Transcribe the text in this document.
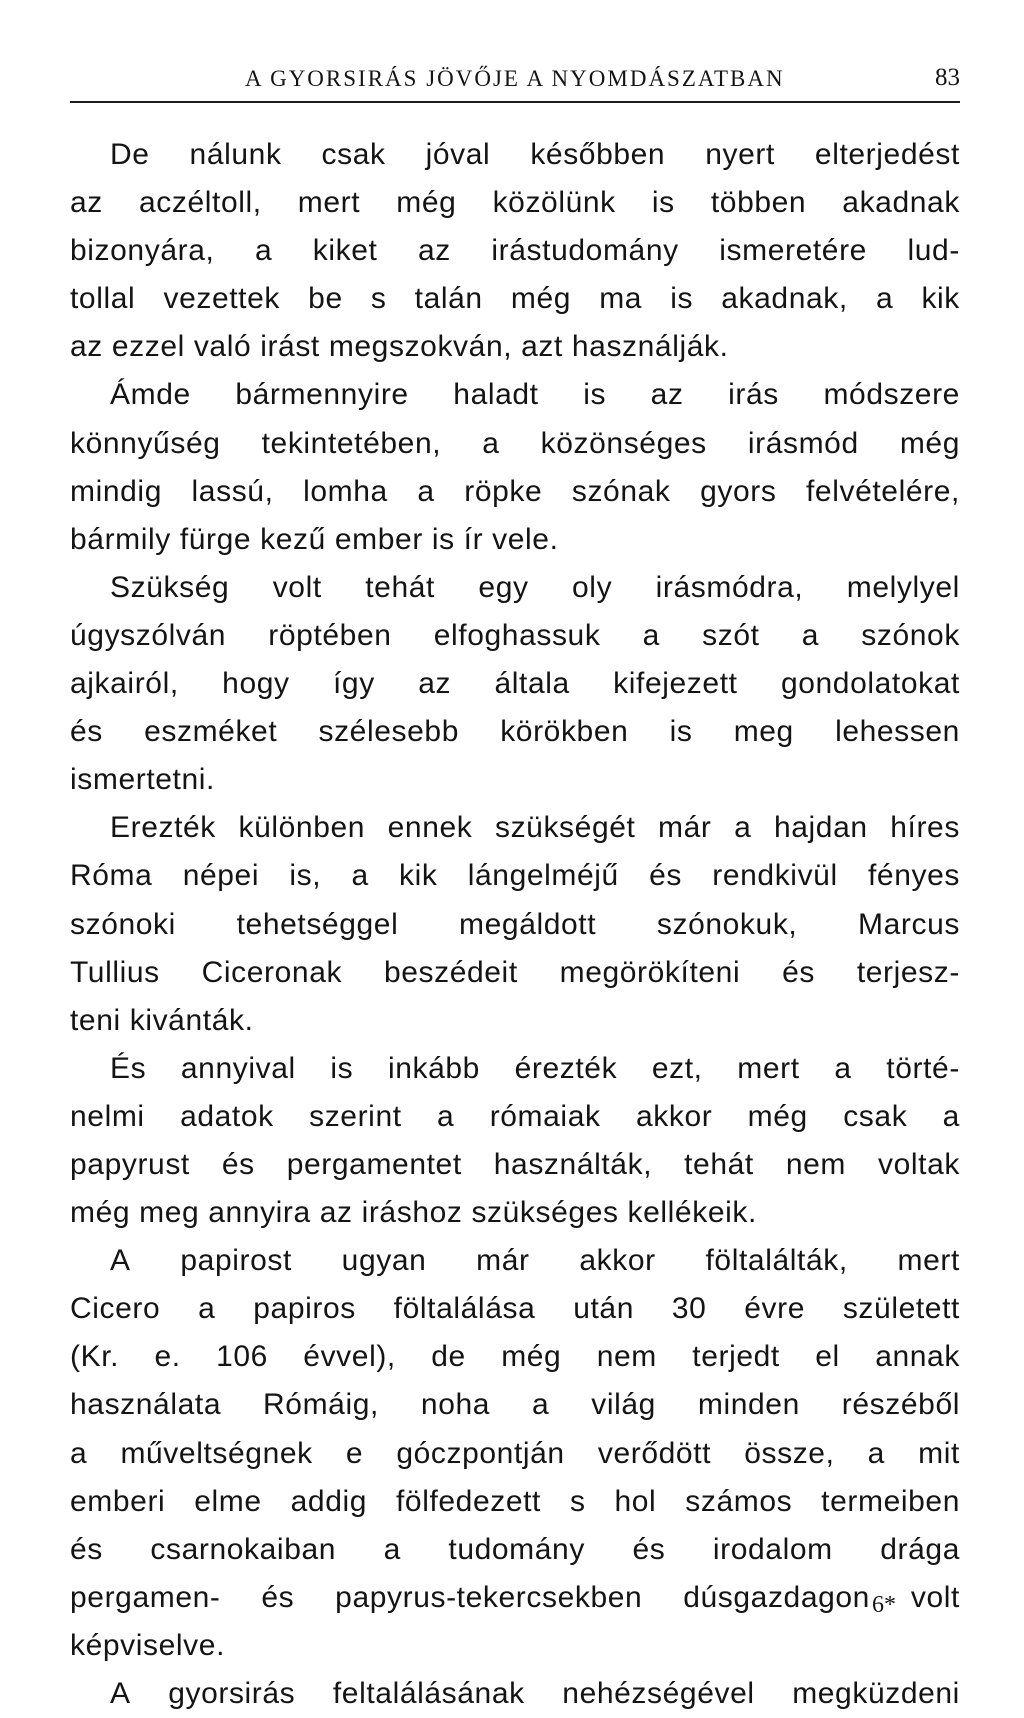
A GYORSIRÁS JÖVŐJE A NYOMDÁSZATBAN	83
De nálunk csak jóval későbben nyert elterjedést
az aczéltoll, mert még közölünk is többen akadnak
bizonyára, a kiket az irástudomány ismeretére lud-
tollal vezettek be s talán még ma is akadnak, a kik
az ezzel való irást megszokván, azt használják.
Ámde bármennyire haladt is az irás módszere
könnyűség tekintetében, a közönséges irásmód még
mindig lassú, lomha a röpke szónak gyors felvételére,
bármily fürge kezű ember is ír vele.
Szükség volt tehát egy oly irásmódra, melylyel
úgyszólván röptében elfoghassuk a szót a szónok
ajkairól, hogy így az általa kifejezett gondolatokat
és eszméket szélesebb körökben is meg lehessen
ismertetni.
Erezték különben ennek szükségét már a hajdan híres
Róma népei is, a kik lángelméjű és rendkivül fényes
szónoki tehetséggel megáldott szónokuk, Marcus
Tullius Ciceronak beszédeit megörökíteni és terjesz-
teni kivánták.
És annyival is inkább érezték ezt, mert a törté-
nelmi adatok szerint a rómaiak akkor még csak a
papyrust és pergamentet használták, tehát nem voltak
még meg annyira az iráshoz szükséges kellékeik.
A papirost ugyan már akkor föltalálták, mert
Cicero a papiros föltalálása után 30 évre született
(Kr. e. 106 évvel), de még nem terjedt el annak
használata Rómáig, noha a világ minden részéből
a műveltségnek e góczpontján verődött össze, a mit
emberi elme addig fölfedezett s hol számos termeiben
és csarnokaiban a tudomány és irodalom drága
pergamen- és papyrus-tekercsekben dúsgazdagon volt
képviselve.
A gyorsirás feltalálásának nehézségével megküzdeni
6*
